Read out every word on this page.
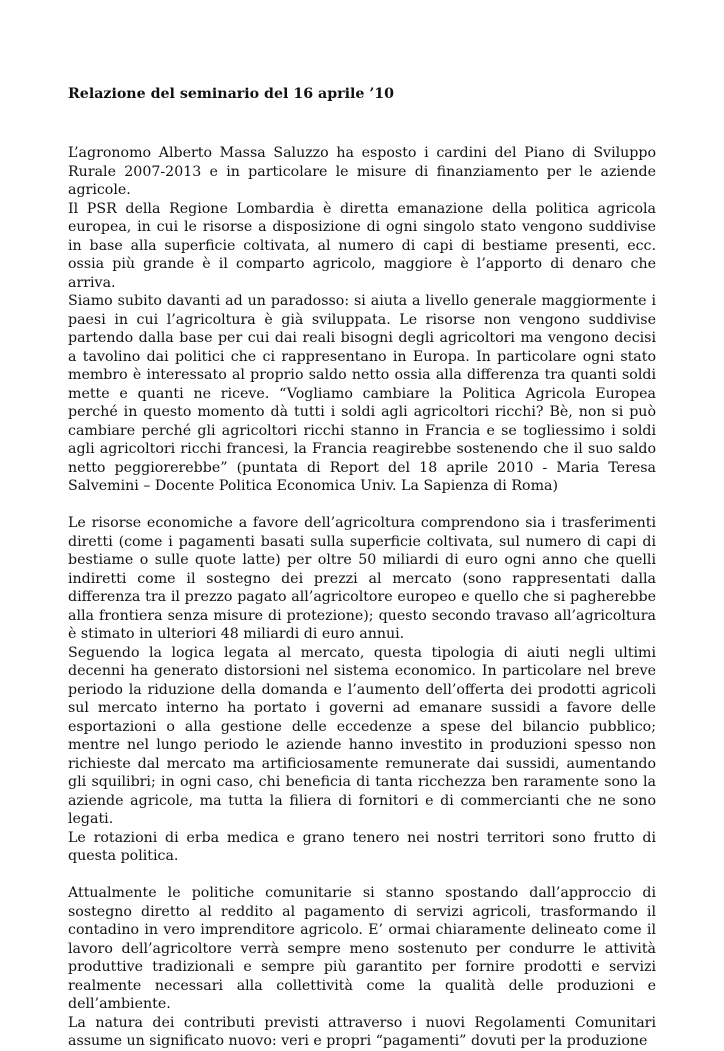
Relazione del seminario del 16 aprile ’10

L’agronomo Alberto Massa Saluzzo ha esposto i cardini del Piano di Sviluppo Rurale 2007-2013 e in particolare le misure di finanziamento per le aziende agricole.

Il PSR della Regione Lombardia è diretta emanazione della politica agricola europea, in cui le risorse a disposizione di ogni singolo stato vengono suddivise in base alla superficie coltivata, al numero di capi di bestiame presenti, ecc. ossia più grande è il comparto agricolo, maggiore è l’apporto di denaro che arriva.

Siamo subito davanti ad un paradosso: si aiuta a livello generale maggiormente i paesi in cui l’agricoltura è già sviluppata. Le risorse non vengono suddivise partendo dalla base per cui dai reali bisogni degli agricoltori ma vengono decisi a tavolino dai politici che ci rappresentano in Europa. In particolare ogni stato membro è interessato al proprio saldo netto ossia alla differenza tra quanti soldi mette e quanti ne riceve. “Vogliamo cambiare la Politica Agricola Europea perché in questo momento dà tutti i soldi agli agricoltori ricchi? Bè, non si può cambiare perché gli agricoltori ricchi stanno in Francia e se togliessimo i soldi agli agricoltori ricchi francesi, la Francia reagirebbe sostenendo che il suo saldo netto peggiorerebbe” (puntata di Report del 18 aprile 2010 - Maria Teresa Salvemini – Docente Politica Economica Univ. La Sapienza di Roma)

Le risorse economiche a favore dell’agricoltura comprendono sia i trasferimenti diretti (come i pagamenti basati sulla superficie coltivata, sul numero di capi di bestiame o sulle quote latte) per oltre 50 miliardi di euro ogni anno che quelli indiretti come il sostegno dei prezzi al mercato (sono rappresentati dalla differenza tra il prezzo pagato all’agricoltore europeo e quello che si pagherebbe alla frontiera senza misure di protezione); questo secondo travaso all’agricoltura è stimato in ulteriori 48 miliardi di euro annui.

Seguendo la logica legata al mercato, questa tipologia di aiuti negli ultimi decenni ha generato distorsioni nel sistema economico. In particolare nel breve periodo la riduzione della domanda e l’aumento dell’offerta dei prodotti agricoli sul mercato interno ha portato i governi ad emanare sussidi a favore delle esportazioni o alla gestione delle eccedenze a spese del bilancio pubblico; mentre nel lungo periodo le aziende hanno investito in produzioni spesso non richieste dal mercato ma artificiosamente remunerate dai sussidi, aumentando gli squilibri; in ogni caso, chi beneficia di tanta ricchezza ben raramente sono la aziende agricole, ma tutta la filiera di fornitori e di commercianti che ne sono legati.

Le rotazioni di erba medica e grano tenero nei nostri territori sono frutto di questa politica.

Attualmente le politiche comunitarie si stanno spostando dall’approccio di sostegno diretto al reddito al pagamento di servizi agricoli, trasformando il contadino in vero imprenditore agricolo. E’ ormai chiaramente delineato come il lavoro dell’agricoltore verrà sempre meno sostenuto per condurre le attività produttive tradizionali e sempre più garantito per fornire prodotti e servizi realmente necessari alla collettività come la qualità delle produzioni e dell’ambiente.

La natura dei contributi previsti attraverso i nuovi Regolamenti Comunitari assume un significato nuovo: veri e propri “pagamenti” dovuti per la produzione
